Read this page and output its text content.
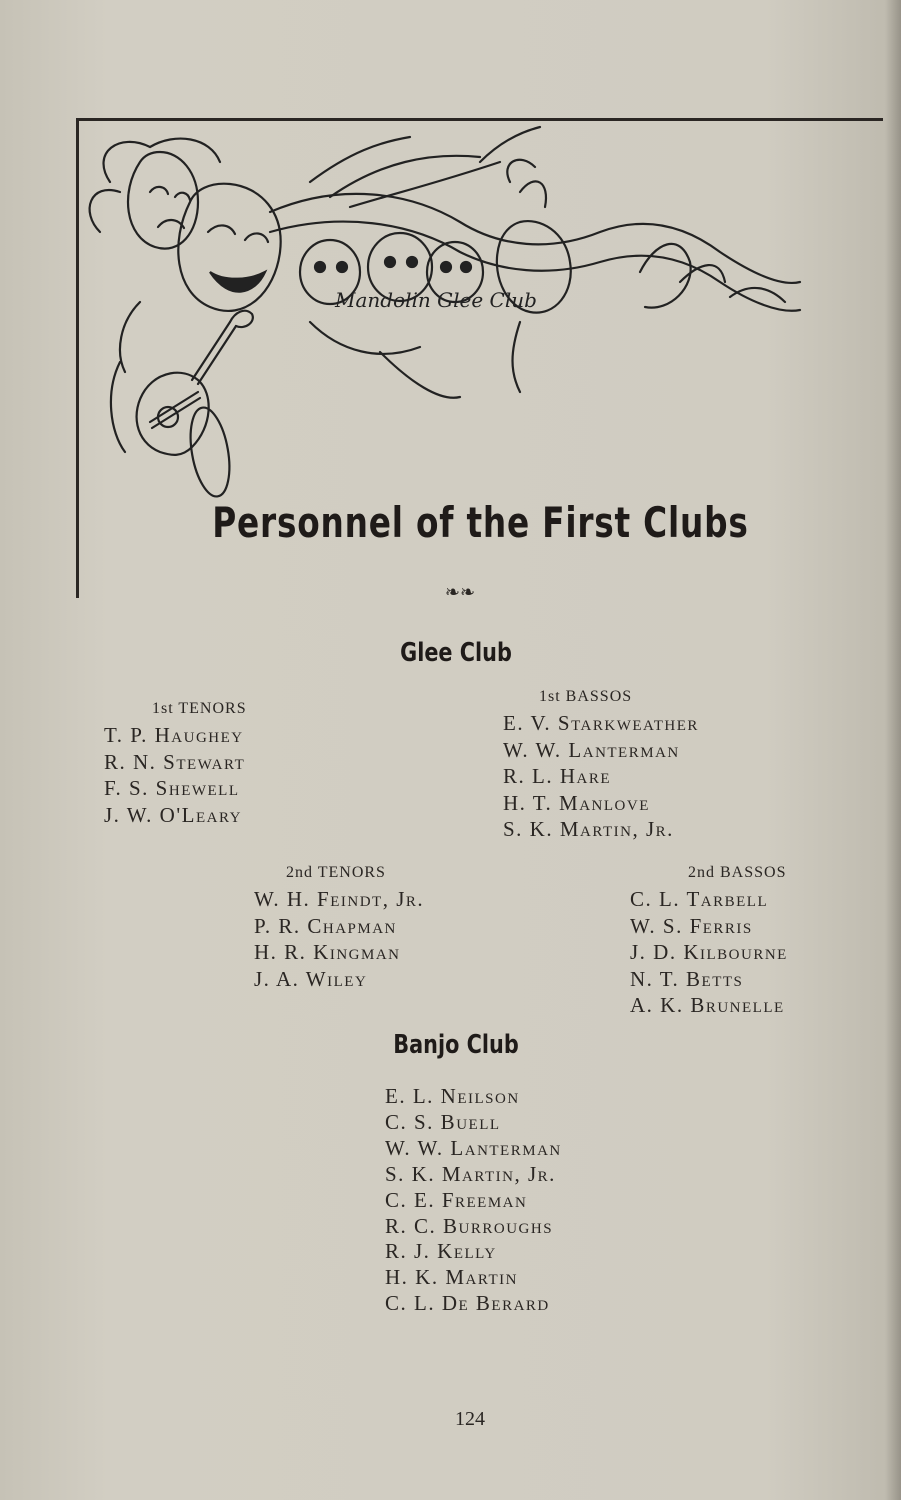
Mandolin Glee Club
Personnel of the First Clubs
❧❧
Glee Club
1st TENORS
T. P. Haughey
R. N. Stewart
F. S. Shewell
J. W. O'Leary
1st BASSOS
E. V. Starkweather
W. W. Lanterman
R. L. Hare
H. T. Manlove
S. K. Martin, Jr.
2nd TENORS
W. H. Feindt, Jr.
P. R. Chapman
H. R. Kingman
J. A. Wiley
2nd BASSOS
C. L. Tarbell
W. S. Ferris
J. D. Kilbourne
N. T. Betts
A. K. Brunelle
Banjo Club
E. L. Neilson
C. S. Buell
W. W. Lanterman
S. K. Martin, Jr.
C. E. Freeman
R. C. Burroughs
R. J. Kelly
H. K. Martin
C. L. De Berard
124
